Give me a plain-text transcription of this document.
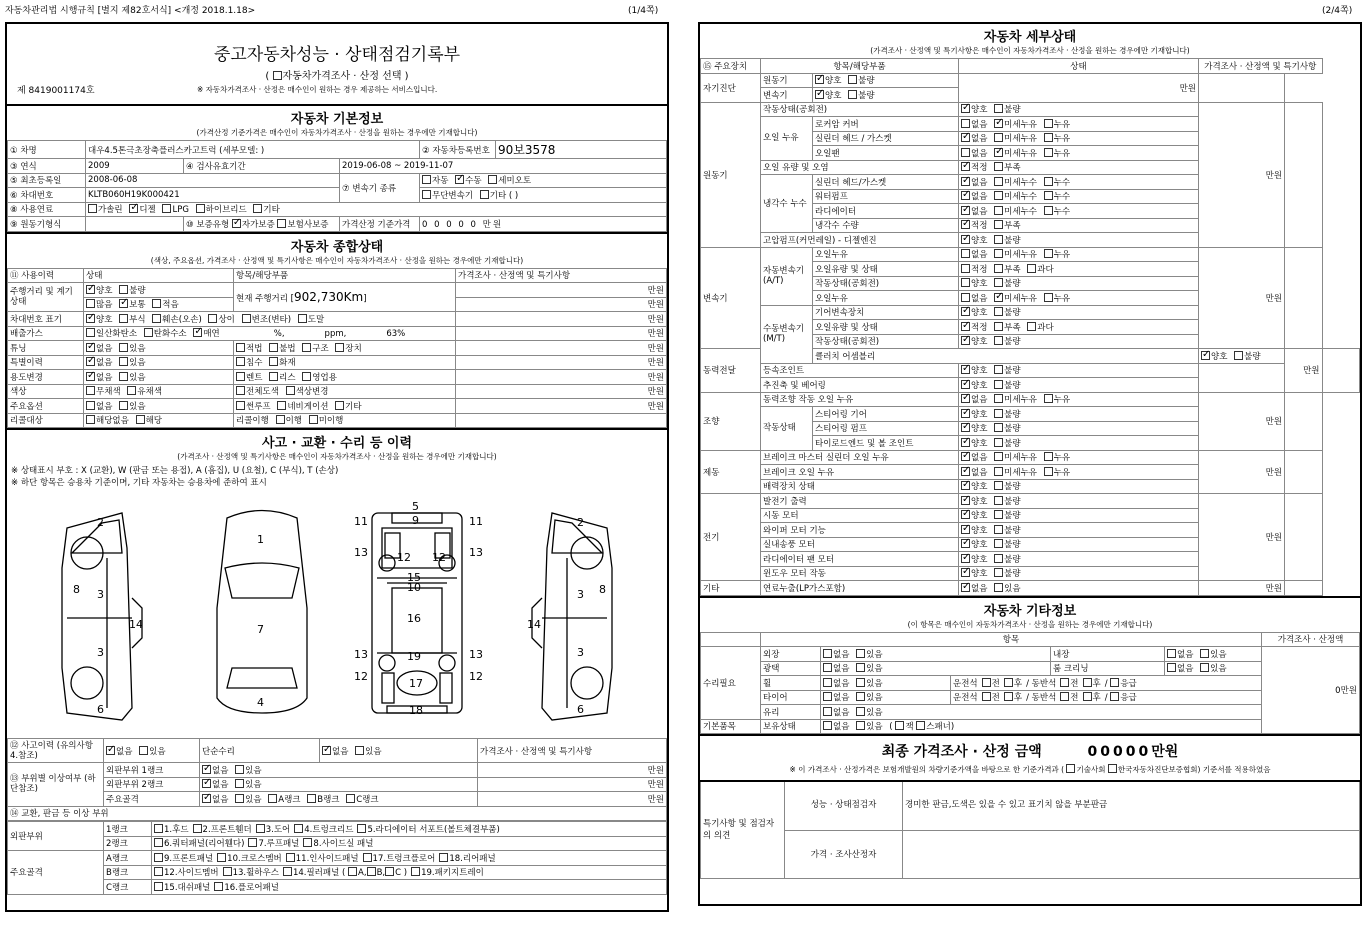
자동차관리법 시행규칙 [별지 제82호서식] <개정 2018.1.18>	(1/4쪽)	(2/4쪽)
중고자동차성능 · 상태점검기록부
( 자동차가격조사 · 산정 선택 )
제 8419001174호	※ 자동차가격조사 · 산정은 매수인이 원하는 경우 제공하는 서비스입니다.
자동차 기본정보
(가격산정 기준가격은 매수인이 자동차가격조사 · 산정을 원하는 경우에만 기재합니다)
① 차명	대우4.5톤극초장축플러스카고트럭 (세부모델: )			② 자동차등록번호	90보3578
③ 연식	2009	④ 검사유효기간	2019-06-08 ~ 2019-11-07		
⑤ 최초등록일	2008-06-08		⑦ 변속기 종류	자동 ✓ 수동 세미오토
⑥ 차대번호	KLTB060H19K000421			무단변속기 기타 ( )	
⑧ 사용연료	가솔린 ✓ 디젤 LPG 하이브리드 기타
⑨ 원동기형식		⑩ 보증유형 ✓ 자가보증 보험사보증	가격산정 기준가격	0 0 0 0 0 만원	
자동차 종합상태
(색상, 주요옵션, 가격조사 · 산정액 및 특기사항은 매수인이 자동차가격조사 · 산정을 원하는 경우에만 기재합니다)
⑪ 사용이력	상태	항목/해당부품	가격조사 · 산정액 및 특기사항
주행거리 및 계기상태	✓양호 불량	현재 주행거리 [902,730Km]	만원
	많음 ✓ 보통 적음		만원
차대번호 표기	✓양호 부식 훼손(오손) 상이 변조(변타) 도말		만원
배출가스	일산화탄소 탄화수소 ✓ 매연 %, ppm, 63%		만원
튜닝	✓없음 있음	적법 불법 구조 장치	만원
특별이력	✓없음 있음	침수 화재	만원
용도변경	✓없음 있음	렌트 리스 영업용	만원
색상	무채색 유채색	전체도색 색상변경	만원
주요옵션	없음 있음	썬루프 네비게이션 기타	만원
리콜대상	해당없음 해당	리콜이행 이행 미이행	
사고 · 교환 · 수리 등 이력
(가격조사 · 산정액 및 특기사항은 매수인이 자동차가격조사 · 산정을 원하는 경우에만 기재합니다)
※ 상태표시 부호 : X (교환), W (판금 또는 용접), A (흠집), U (요철), C (부식), T (손상)
※ 하단 항목은 승용차 기준이며, 기타 자동차는 승용차에 준하여 표시
2
3
3
8
14
6
1
7
4
5
9
11	11
13	13
12 12
15
10
16
13	13
19
12	12
17
18
2
3
3
8
14
6
⑫ 사고이력 (유의사항 4.참조)	✓없음 있음	단순수리	✓없음 있음	가격조사 · 산정액 및 특기사항
⑬ 부위별 이상여부 (하단참조)	외판부위 1랭크	✓없음 있음		만원
	외판부위 2랭크	✓없음 있음		만원
	주요골격	✓없음 있음 A랭크 B랭크 C랭크		만원
⑭ 교환, 판금 등 이상 부위				
외판부위	1랭크	1.후드 2.프론트휀더 3.도어 4.트렁크리드 5.라디에이터 서포트(볼트체결부품)
	2랭크	6.쿼터패널(리어휀다) 7.루프패널 8.사이드실 패널
주요골격	A랭크	9.프론트패널 10.크로스멤버 11.인사이드패널 17.트렁크플로어 18.리어패널
	B랭크	12.사이드멤버 13.휠하우스 14.필러패널 ( A, B, C ) 19.패키지트레이
	C랭크	15.대쉬패널 16.플로어패널
자동차 세부상태
(가격조사 · 산정액 및 특기사항은 매수인이 자동차가격조사 · 산정을 원하는 경우에만 기재합니다)
⑮ 주요장치	항목/해당부품		상태	가격조사 · 산정액 및 특기사항		
자기진단	원동기	✓양호 불량	만원			
	변속기	✓양호 불량
원동기	작동상태(공회전)	✓양호 불량	만원		
	오일 누유	로커암 커버	없음 ✓ 미세누유 누유
		실린더 헤드 / 가스켓	✓없음 미세누유 누유
		오일팬	없음 ✓ 미세누유 누유
	오일 유량 및 오염	✓적정 부족
	냉각수 누수	실린더 헤드/가스켓	✓없음 미세누수 누수
		워터펌프	✓없음 미세누수 누수
		라디에이터	✓없음 미세누수 누수
		냉각수 수량	✓적정 부족
	고압펌프(커먼레일) - 디젤엔진	✓양호 불량
변속기	자동변속기 (A/T)	오일누유	없음 미세누유 누유	만원		
		오일유량 및 상태	적정 부족 과다			
		작동상태(공회전)	양호 불량			
		오일누유	없음 ✓ 미세누유 누유
	수동변속기 (M/T)	기어변속장치	✓양호 불량
		오일유량 및 상태	✓적정 부족 과다
		작동상태(공회전)	✓양호 불량
동력전달		클러치 어셈블리	✓양호 불량	만원	
	등속조인트	✓양호 불량
	추진축 및 베어링	✓양호 불량
조향	동력조향 작동 오일 누유	✓없음 미세누유 누유	만원		
	작동상태	스티어링 기어	✓양호 불량
		스티어링 펌프	✓양호 불량
		타이로드엔드 및 볼 조인트	✓양호 불량
제동	브레이크 마스터 실린더 오일 누유	✓없음 미세누유 누유	만원		
	브레이크 오일 누유	✓없음 미세누유 누유
	배력장치 상태	✓양호 불량
전기	발전기 출력	✓양호 불량	만원		
	시동 모터	✓양호 불량
	와이퍼 모터 기능	✓양호 불량
	실내송풍 모터	✓양호 불량
	라디에이터 팬 모터	✓양호 불량
	윈도우 모터 작동	✓양호 불량
기타	연료누출(LP가스포함)	✓없음 있음	만원		
자동차 기타정보
(이 항목은 매수인이 자동차가격조사 · 산정을 원하는 경우에만 기재합니다)
	항목					가격조사 · 산정액
수리필요	외장	없음 있음		내장	없음 있음	0만원
	광택	없음 있음		룸 크리닝	없음 있음	
	휠	없음 있음	운전석 전 후 / 동반석 전 후 / 응급			
	타이어	없음 있음	운전석 전 후 / 동반석 전 후 / 응급			
	유리	없음 있음				
기본품목	보유상태	없음 있음 ( 잭 스패너)				
최종 가격조사 · 산정 금액	00000만원
※ 이 가격조사 · 산정가격은 보험개발원의 차량기준가액을 바탕으로 한 기준가격과 ( 기술사회 한국자동차진단보증협회) 기준서를 적용하였음
특기사항 및 점검자의 의견	성능 · 상태점검자	경미한 판금,도색은 있을 수 있고 표기치 않을 부분판금
	가격 · 조사산정자	
